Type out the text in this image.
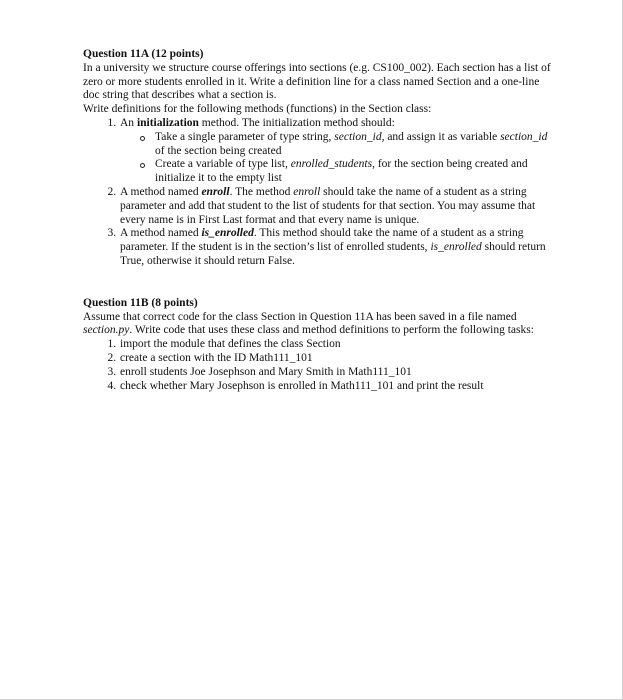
Question 11A (12 points)

In a university we structure course offerings into sections (e.g. CS100_002). Each section has a list of zero or more students enrolled in it. Write a definition line for a class named Section and a one-line doc string that describes what a section is.

Write definitions for the following methods (functions) in the Section class:

1. An initialization method. The initialization method should:
Take a single parameter of type string, section_id, and assign it as variable section_id of the section being created
Create a variable of type list, enrolled_students, for the section being created and initialize it to the empty list
2. A method named enroll. The method enroll should take the name of a student as a string parameter and add that student to the list of students for that section. You may assume that every name is in First Last format and that every name is unique.
3. A method named is_enrolled. This method should take the name of a student as a string parameter. If the student is in the section’s list of enrolled students, is_enrolled should return True, otherwise it should return False.

Question 11B (8 points)

Assume that correct code for the class Section in Question 11A has been saved in a file named section.py. Write code that uses these class and method definitions to perform the following tasks:

1. import the module that defines the class Section
2. create a section with the ID Math111_101
3. enroll students Joe Josephson and Mary Smith in Math111_101
4. check whether Mary Josephson is enrolled in Math111_101 and print the result
